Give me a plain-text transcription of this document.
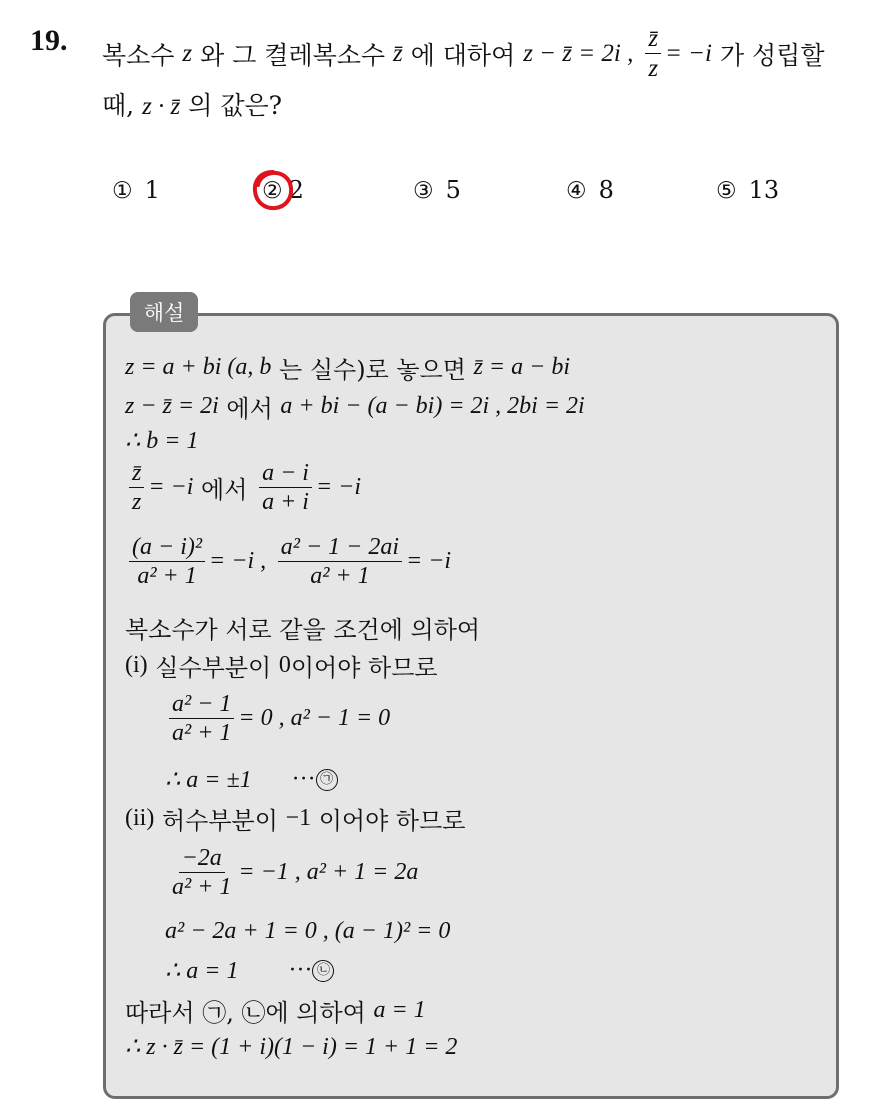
19. 복소수
z
와 그 켤레복소수
z̄
에 대하여
z − z̄ = 2i ,
$\frac{z̄}{z} = -i$
가 성립할
때, z · z̄ 의 값은?
① 1	② 2	③ 5	④ 8	⑤ 13
해설
z = a + bi (a, b
는 실수)로 놓으면
z̄ = a − bi
z − z̄ = 2i
에서
a + bi − (a − bi) = 2i , 2bi = 2i
∴ b = 1
$\frac{z̄}{z} = -i$
에서
$\frac{a - i}{a + i} = -i$
$\frac{\text{(a − i)²}}{\text{a² + 1}} = -i$ ,
$\frac{\text{a² − 1 − 2ai}}{\text{a² + 1}} = -i$
복소수가 서로 같을 조건에 의하여
(i)
실수부분이
0 이어야 하므로
$\frac{\text{a² − 1}}{\text{a² + 1}} = 0$ , a² − 1 = 0
∴ a = ±1 ··· ㉠
(ii)
허수부분이
−1
이어야 하므로
$\frac{-2a}{\text{a² + 1}} = -1$ , a² + 1 = 2a
a² − 2a + 1 = 0 , (a − 1)² = 0
∴ a = 1 ··· ㉡
따라서
㉠, ㉡ 에 의하여
a = 1
∴ z · z̄ = (1 + i)(1 − i) = 1 + 1 = 2
